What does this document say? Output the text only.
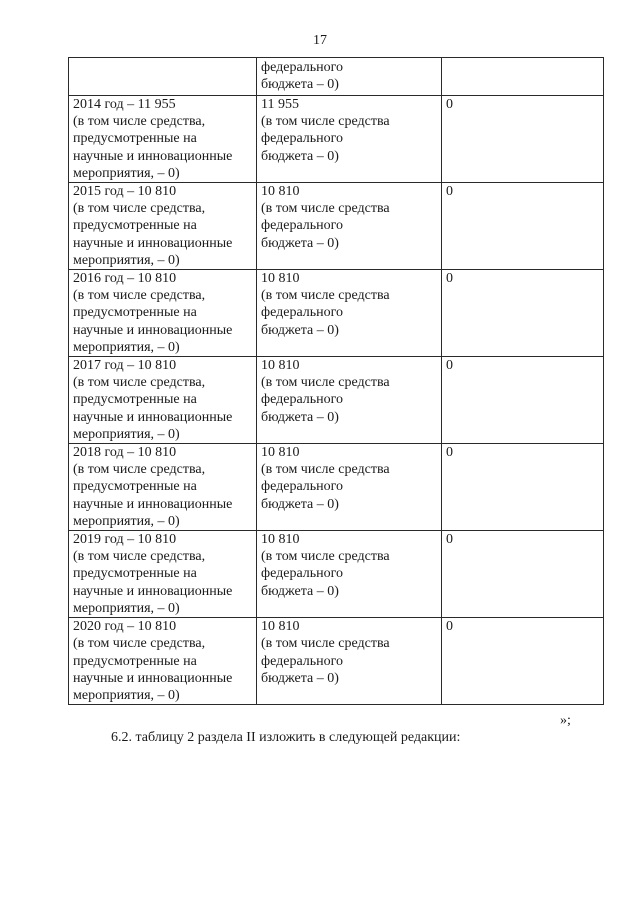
17

	федерального
бюджета – 0)	

2014 год – 11 955
(в том числе средства,
предусмотренные на
научные и инновационные
мероприятия, – 0)	11 955
(в том числе средства
федерального
бюджета – 0)	0

2015 год – 10 810
(в том числе средства,
предусмотренные на
научные и инновационные
мероприятия, – 0)	10 810
(в том числе средства
федерального
бюджета – 0)	0

2016 год – 10 810
(в том числе средства,
предусмотренные на
научные и инновационные
мероприятия, – 0)	10 810
(в том числе средства
федерального
бюджета – 0)	0

2017 год – 10 810
(в том числе средства,
предусмотренные на
научные и инновационные
мероприятия, – 0)	10 810
(в том числе средства
федерального
бюджета – 0)	0

2018 год – 10 810
(в том числе средства,
предусмотренные на
научные и инновационные
мероприятия, – 0)	10 810
(в том числе средства
федерального
бюджета – 0)	0

2019 год – 10 810
(в том числе средства,
предусмотренные на
научные и инновационные
мероприятия, – 0)	10 810
(в том числе средства
федерального
бюджета – 0)	0

2020 год – 10 810
(в том числе средства,
предусмотренные на
научные и инновационные
мероприятия, – 0)	10 810
(в том числе средства
федерального
бюджета – 0)	0
»;
6.2. таблицу 2 раздела II изложить в следующей редакции:
